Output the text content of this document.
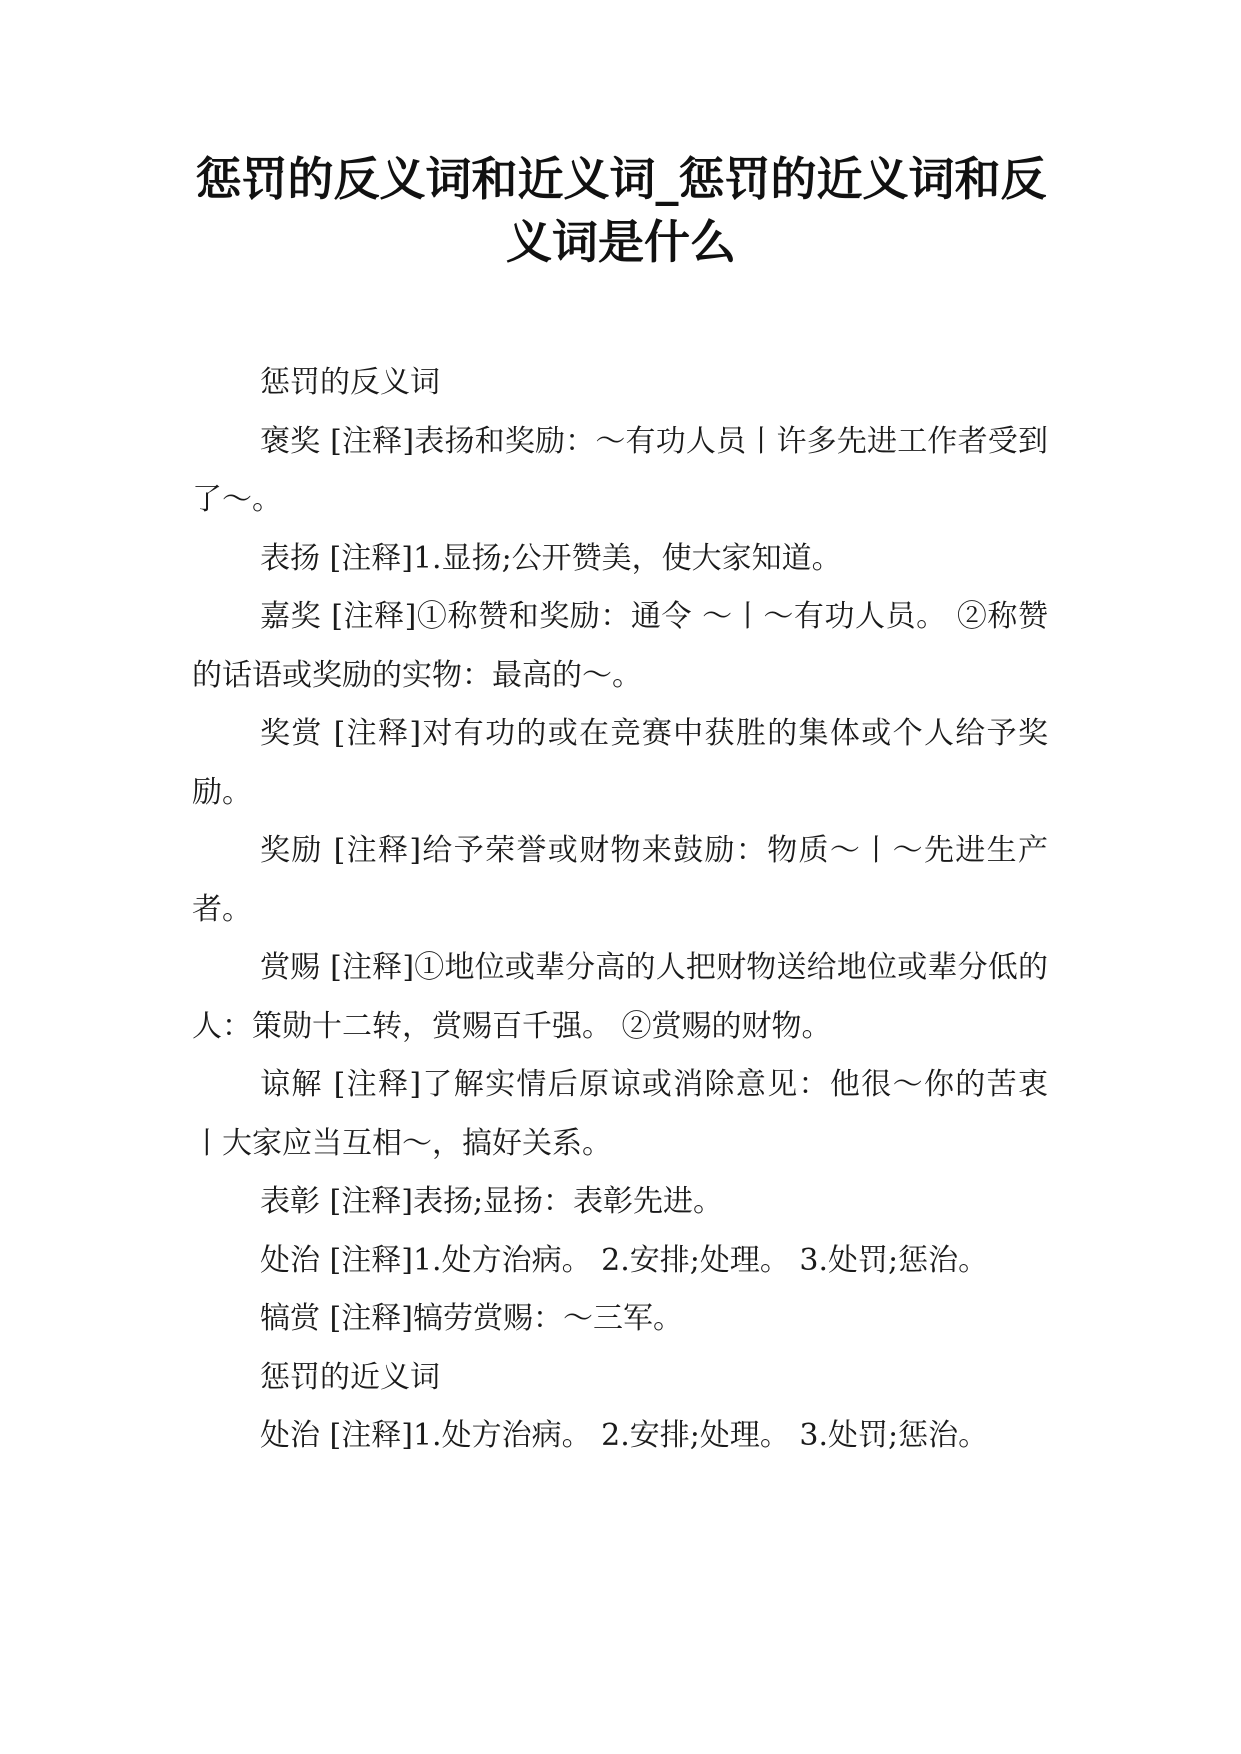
惩罚的反义词和近义词_惩罚的近义词和反义词是什么

惩罚的反义词

褒奖 [注释]表扬和奖励：～有功人员丨许多先进工作者受到了～。

表扬 [注释]1.显扬;公开赞美，使大家知道。

嘉奖 [注释]①称赞和奖励：通令 ～丨～有功人员。 ②称赞的话语或奖励的实物：最高的～。

奖赏 [注释]对有功的或在竞赛中获胜的集体或个人给予奖励。

奖励 [注释]给予荣誉或财物来鼓励：物质～丨～先进生产者。

赏赐 [注释]①地位或辈分高的人把财物送给地位或辈分低的人：策勋十二转，赏赐百千强。 ②赏赐的财物。

谅解 [注释]了解实情后原谅或消除意见：他很～你的苦衷 丨大家应当互相～，搞好关系。

表彰 [注释]表扬;显扬：表彰先进。

处治 [注释]1.处方治病。 2.安排;处理。 3.处罚;惩治。

犒赏 [注释]犒劳赏赐：～三军。

惩罚的近义词

处治 [注释]1.处方治病。 2.安排;处理。 3.处罚;惩治。
